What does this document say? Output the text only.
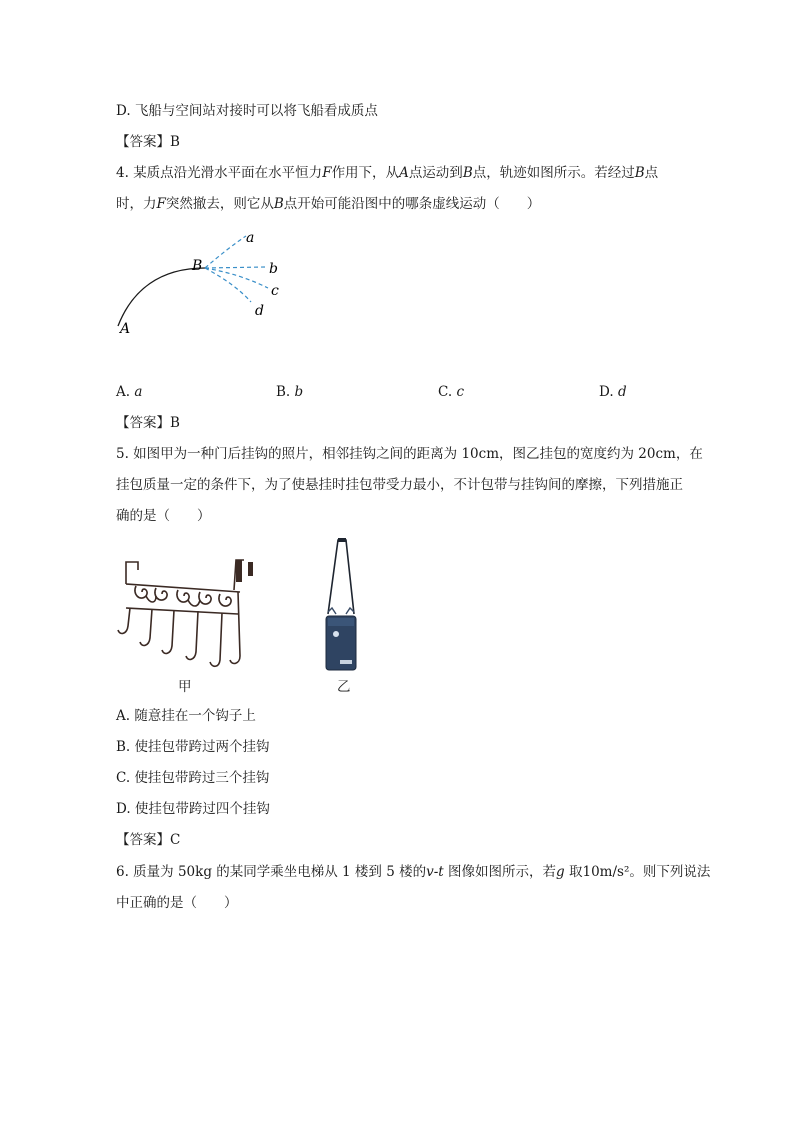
D. 飞船与空间站对接时可以将飞船看成质点
【答案】B
4. 某质点沿光滑水平面在水平恒力F作用下，从A点运动到B点，轨迹如图所示。若经过B点
时，力F突然撤去，则它从B点开始可能沿图中的哪条虚线运动（　　）
A
B
a
b
c
d
A. a	B. b	C. c	D. d
【答案】B
5. 如图甲为一种门后挂钩的照片，相邻挂钩之间的距离为 10cm，图乙挂包的宽度约为 20cm，在
挂包质量一定的条件下，为了使悬挂时挂包带受力最小，不计包带与挂钩间的摩擦，下列措施正
确的是（　　）
甲	乙
A. 随意挂在一个钩子上
B. 使挂包带跨过两个挂钩
C. 使挂包带跨过三个挂钩
D. 使挂包带跨过四个挂钩
【答案】C
6. 质量为 50kg 的某同学乘坐电梯从 1 楼到 5 楼的v-t 图像如图所示，若g 取10m/s²。则下列说法
中正确的是（　　）
